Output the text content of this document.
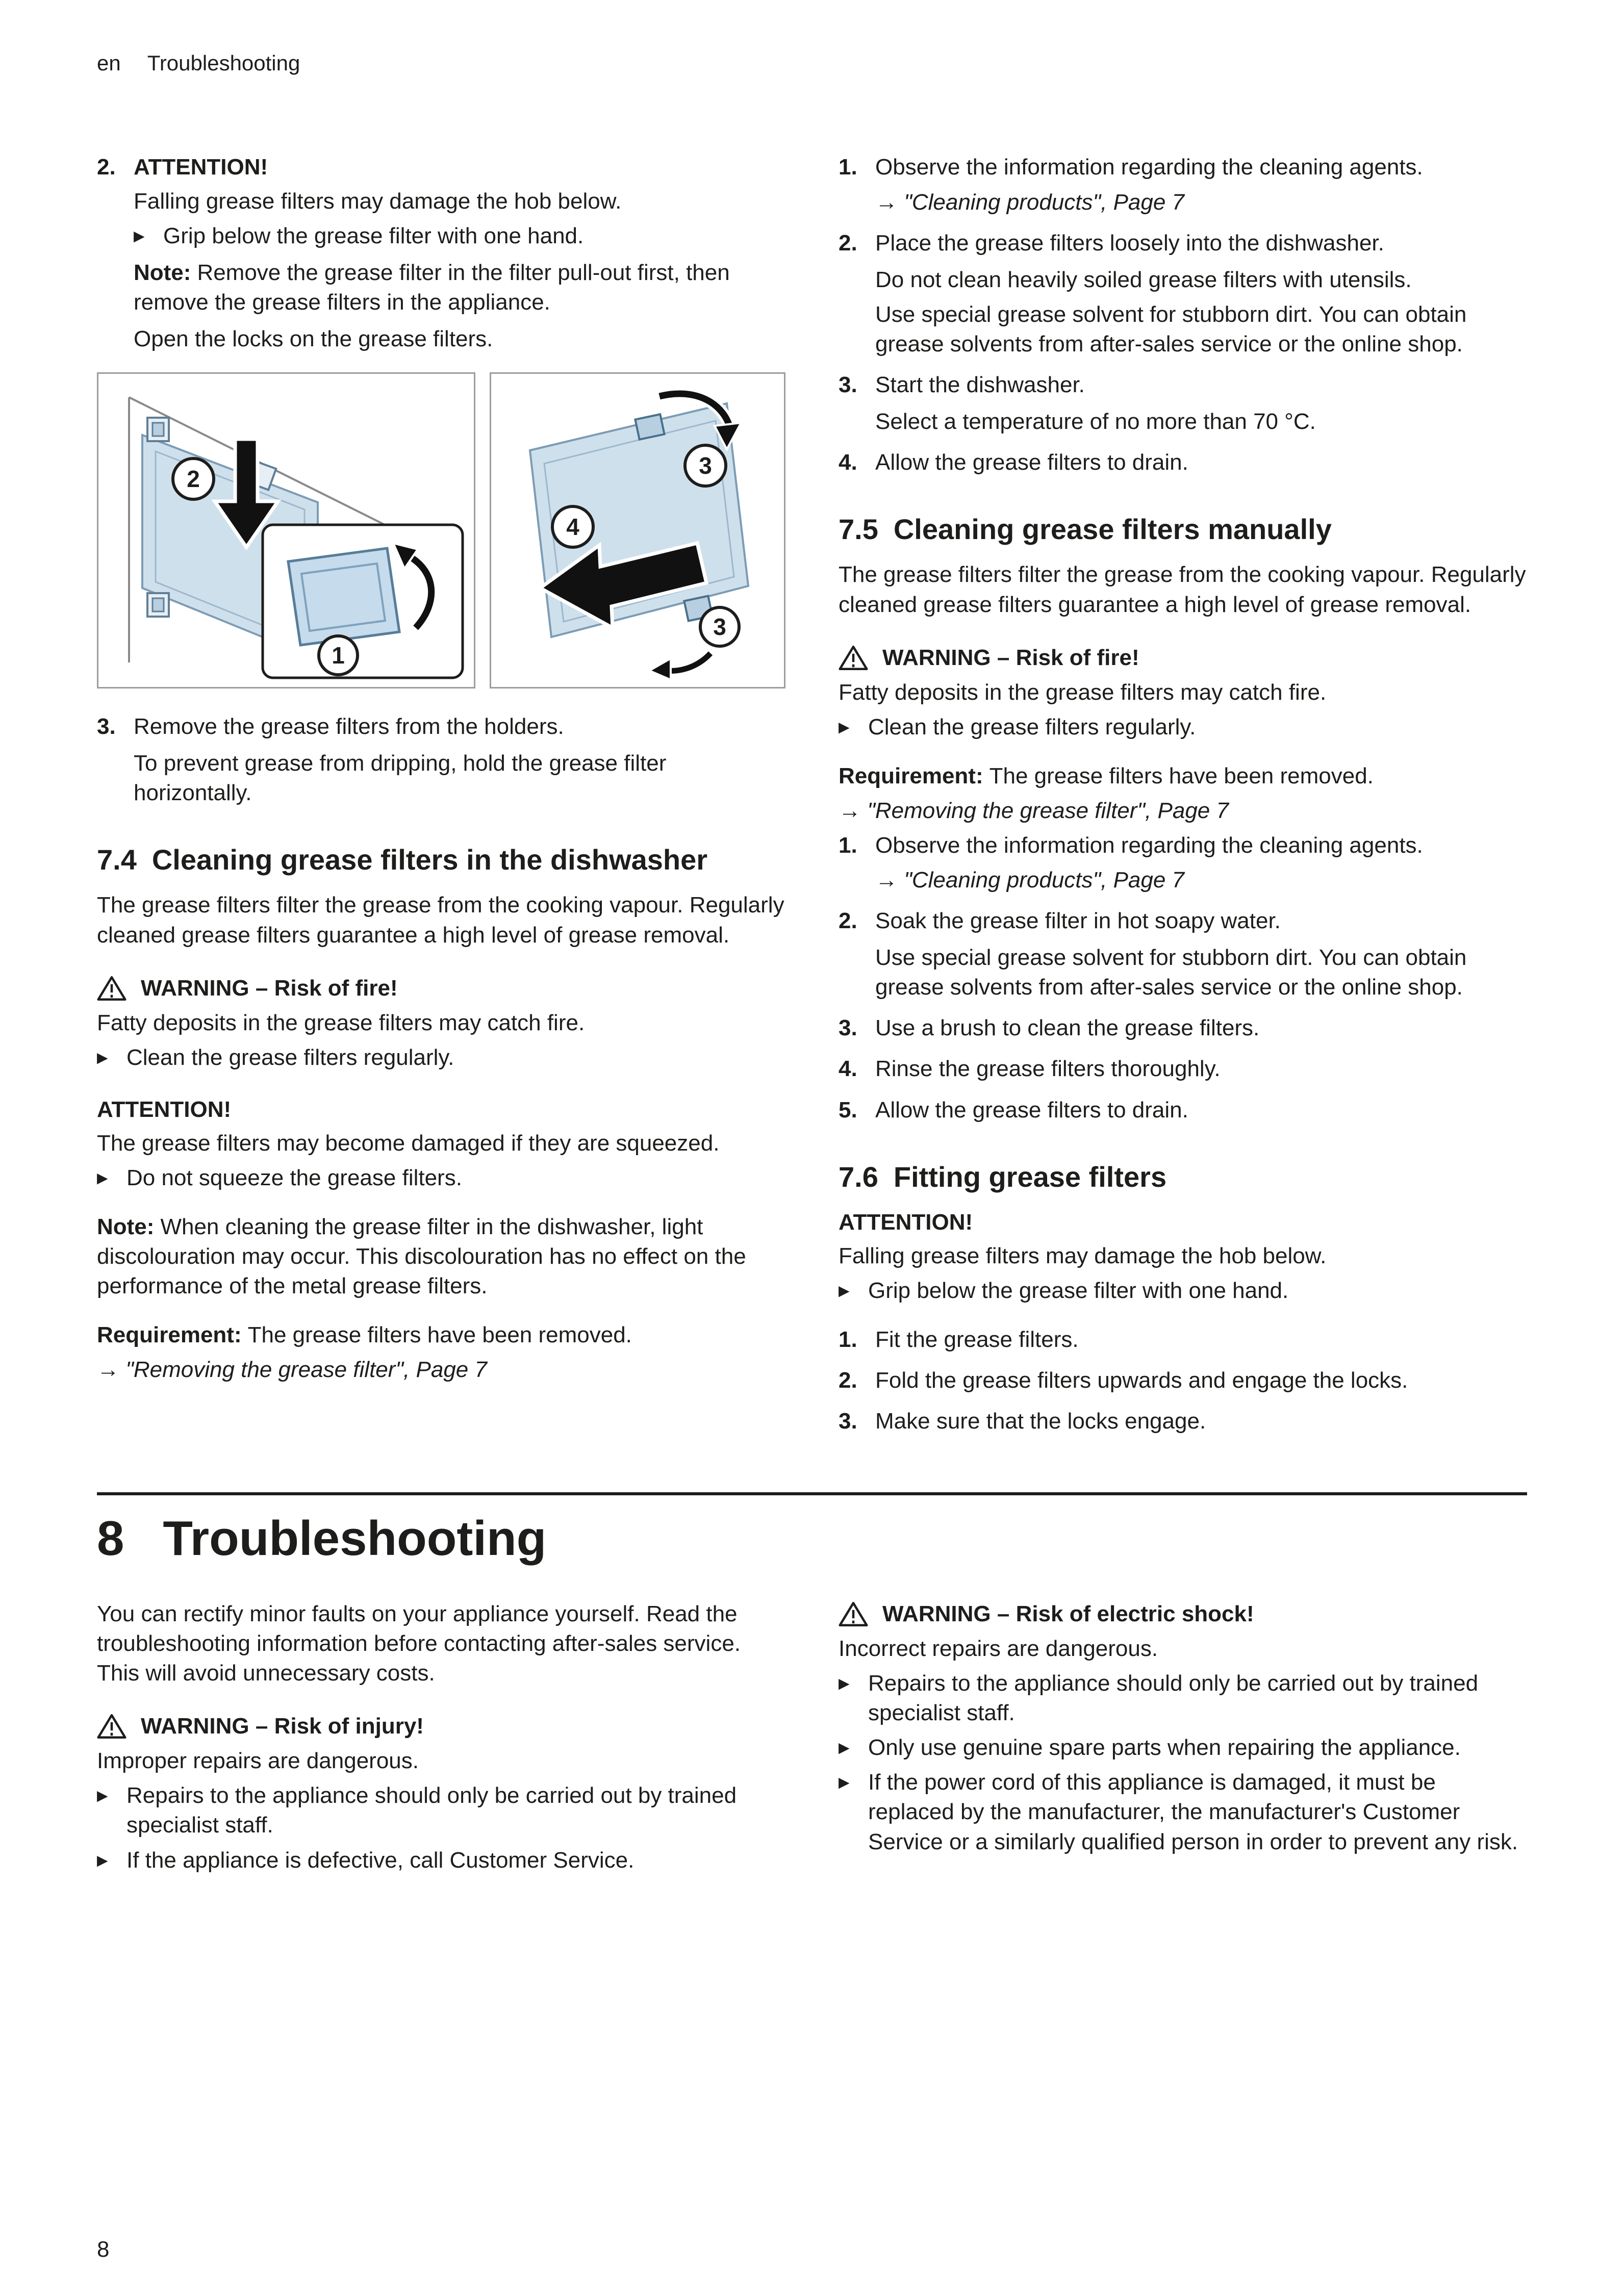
en Troubleshooting
2. ATTENTION!

Falling grease filters may damage the hob below.

▶ Grip below the grease filter with one hand.

Note: Remove the grease filter in the filter pull-out first, then remove the grease filters in the appliance.

Open the locks on the grease filters.

2
1
3
4
3
3. Remove the grease filters from the holders.

To prevent grease from dripping, hold the grease filter horizontally.

7.4 Cleaning grease filters in the dishwasher

The grease filters filter the grease from the cooking vapour. Regularly cleaned grease filters guarantee a high level of grease removal.

WARNING – Risk of fire!

Fatty deposits in the grease filters may catch fire.

▶ Clean the grease filters regularly.

ATTENTION!

The grease filters may become damaged if they are squeezed.

▶ Do not squeeze the grease filters.

Note: When cleaning the grease filter in the dishwasher, light discolouration may occur. This discolouration has no effect on the performance of the metal grease filters.

Requirement: The grease filters have been removed.

→ "Removing the grease filter", Page 7

1. Observe the information regarding the cleaning agents.

→ "Cleaning products", Page 7

2. Place the grease filters loosely into the dishwasher.

Do not clean heavily soiled grease filters with utensils.

Use special grease solvent for stubborn dirt. You can obtain grease solvents from after-sales service or the online shop.

3. Start the dishwasher.

Select a temperature of no more than 70 °C.

4. Allow the grease filters to drain.

7.5 Cleaning grease filters manually

The grease filters filter the grease from the cooking vapour. Regularly cleaned grease filters guarantee a high level of grease removal.

WARNING – Risk of fire!

Fatty deposits in the grease filters may catch fire.

▶ Clean the grease filters regularly.

Requirement: The grease filters have been removed.

→ "Removing the grease filter", Page 7

1. Observe the information regarding the cleaning agents.

→ "Cleaning products", Page 7

2. Soak the grease filter in hot soapy water.

Use special grease solvent for stubborn dirt. You can obtain grease solvents from after-sales service or the online shop.

3. Use a brush to clean the grease filters.

4. Rinse the grease filters thoroughly.

5. Allow the grease filters to drain.

7.6 Fitting grease filters

ATTENTION!

Falling grease filters may damage the hob below.

▶ Grip below the grease filter with one hand.
1. Fit the grease filters.

2. Fold the grease filters upwards and engage the locks.

3. Make sure that the locks engage.

8 Troubleshooting

You can rectify minor faults on your appliance yourself. Read the troubleshooting information before contacting after-sales service. This will avoid unnecessary costs.

WARNING – Risk of injury!

Improper repairs are dangerous.

▶ Repairs to the appliance should only be carried out by trained specialist staff.
▶ If the appliance is defective, call Customer Service.
WARNING – Risk of electric shock!

Incorrect repairs are dangerous.

▶ Repairs to the appliance should only be carried out by trained specialist staff.
▶ Only use genuine spare parts when repairing the appliance.
▶ If the power cord of this appliance is damaged, it must be replaced by the manufacturer, the manufacturer's Customer Service or a similarly qualified person in order to prevent any risk.
8
